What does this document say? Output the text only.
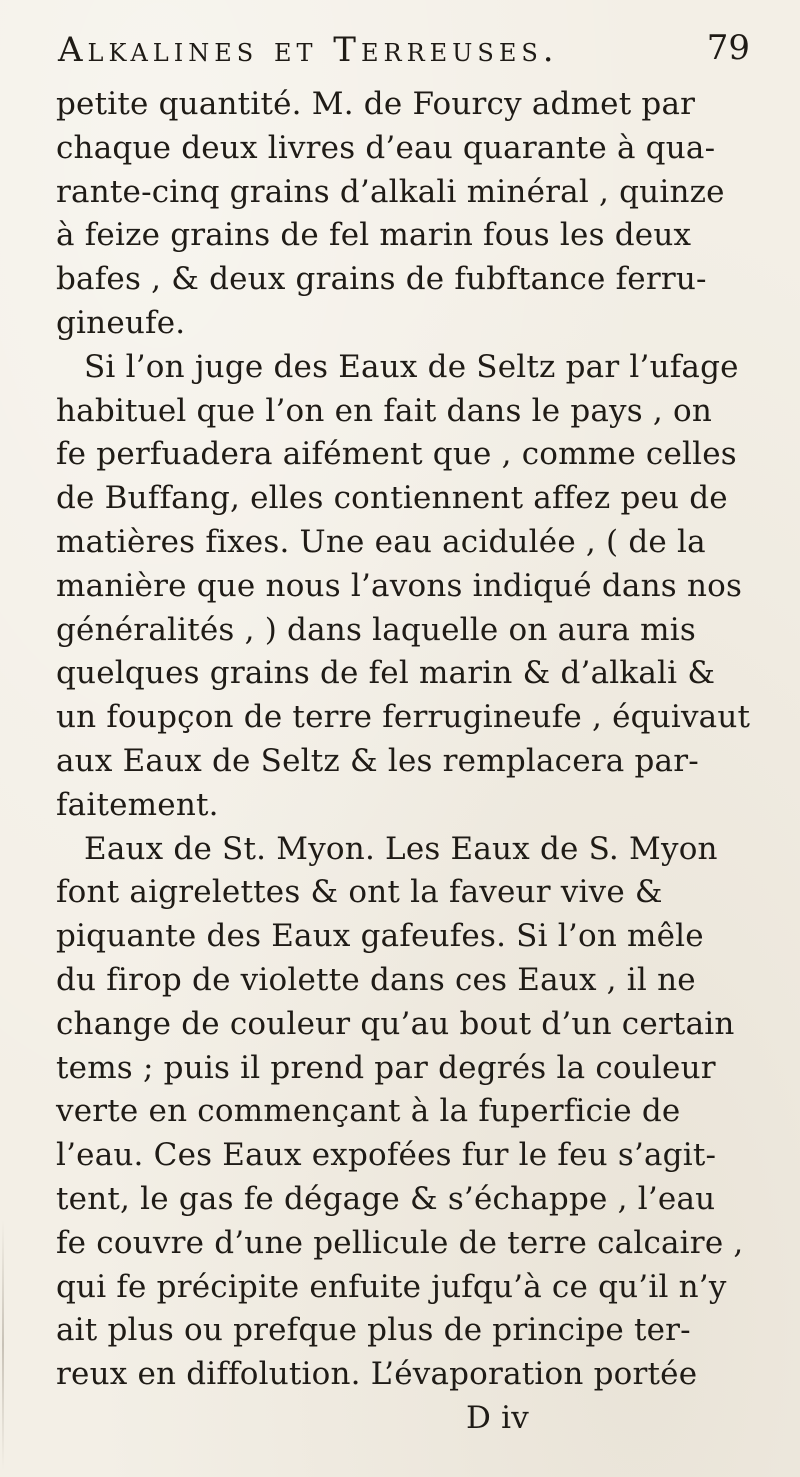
Alkalines et Terreuses.	79
petite quantité. M. de Fourcy admet par
chaque deux livres d’eau quarante à qua-
rante-cinq grains d’alkali minéral , quinze
à feize grains de fel marin fous les deux
bafes , & deux grains de fubftance ferru-
gineufe.
Si l’on juge des Eaux de Seltz par l’ufage
habituel que l’on en fait dans le pays , on
fe perfuadera aifément que , comme celles
de Buffang, elles contiennent affez peu de
matières fixes. Une eau acidulée , ( de la
manière que nous l’avons indiqué dans nos
généralités , ) dans laquelle on aura mis
quelques grains de fel marin & d’alkali &
un foupçon de terre ferrugineufe , équivaut
aux Eaux de Seltz & les remplacera par-
faitement.
Eaux de St. Myon. Les Eaux de S. Myon
font aigrelettes & ont la faveur vive &
piquante des Eaux gafeufes. Si l’on mêle
du firop de violette dans ces Eaux , il ne
change de couleur qu’au bout d’un certain
tems ; puis il prend par degrés la couleur
verte en commençant à la fuperficie de
l’eau. Ces Eaux expofées fur le feu s’agit-
tent, le gas fe dégage & s’échappe , l’eau
fe couvre d’une pellicule de terre calcaire ,
qui fe précipite enfuite jufqu’à ce qu’il n’y
ait plus ou prefque plus de principe ter-
reux en diffolution. L’évaporation portée
D iv
